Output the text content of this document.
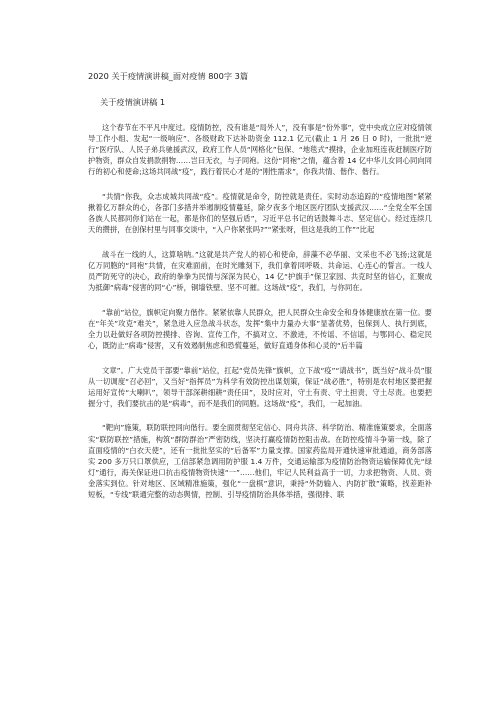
2020 关于疫情演讲稿_面对疫情 800字 3篇
关于疫情演讲稿 1

这个春节在不平凡中度过。疫情防控，没有谁是“局外人”，没有事是“份外事”，党中央成立应对疫情领导工作小组、发起“一级响应”、各级财政下达补助资金 112.1 亿元(截止 1 月 26 日 0 时)，一批批“逆行”医疗队、人民子弟兵驰援武汉，政府工作人员“网格化”包保、“地毯式”摸排，企业加班连夜赶制医疗防护物资，群众自发捐款捐物……岂曰无衣，与子同袍。这份“同袍”之情，蕴含着 14 亿中华儿女同心同向同行的初心和使命;这场共同战“疫”，践行着民心才是的“刚性需求”，你我共情、偕作、偕行。

“共情”你我，众志成城共同战“疫”。疫情就是命令，防控就是责任。实时动态追踪的“疫情地图”紧紧揪着亿万群众的心，各部门多措并举遏制疫情蔓延，除夕夜多个地区医疗团队支援武汉……“全党全军全国各族人民都同你们站在一起，都是你们的坚强后盾”，习近平总书记的话鼓舞斗志、坚定信心。经过连续几天的攒拼，在创保村里与同事交谈中，“入户你紧张吗?”“紧张呀，但这是我的工作”“比起

战斗在一线的人，这算啥呐。”这就是共产党人的初心和使命，辞藻不必华丽、文采也不必飞扬;这就是亿万同胞的“同袍”共情，在灾难面前，在时光雕刻下，我们拿着同呼吸、共命运、心连心的誓言。一线人员严防死守的决心，政府的拳拳为民情与深深为民心，14 亿“护旗手”保卫家园、共克时坚的信心，汇聚成为抵御“病毒”侵害的同“心”桥，铜墙铁壁、坚不可摧。这场战“疫”，我们，与你同在。

“靠前”站位，旗帜定向聚力偕作。紧紧依靠人民群众，把人民群众生命安全和身体健康放在第一位。要在“年关”攻克“难关”，紧急进入应急战斗状态，发挥“集中力量办大事”显著优势，包保到人、执行到底，全力以赴做好各项防控摸排、咨询、宣传工作，不搞对立、不激进，不传谣、不信谣，与鄂同心、稳定民心，既防止“病毒”侵害，又有效遏制焦虑和恐慌蔓延，做好直通身体和心灵的“后半篇

文章”。广大党员干部要“靠前”站位，扛起“党员先锋”旗帜，立下战“疫”“请战书”，既当好“战斗员”服从一切调度“召必回”，又当好“指挥员”为科学有效防控出谋划策，保证“战必胜”，特别是农村地区要把握运用好宣传“大喇叭”，领导干部深耕细耕“责任田”，及时应对，守土有责、守土担责、守土尽责。也要把握分寸，我们要抗击的是“病毒”，而不是我们的同胞。这场战“疫”，我们，一起加油。

“靶向”施策，联防联控同向偕行。要全面贯彻坚定信心、同舟共济、科学防治、精准施策要求，全面落实“联防联控”措施，构筑“群防群治”严密防线，坚决打赢疫情防控阻击战。在防控疫情斗争第一线，除了直面疫情的“白衣天使”，还有一批批坚实的“后备军”力量支撑。国家药监局开通快速审批通道，商务部落实 200 多万只口罩供应，工信部紧急调用防护服 1.4 万件，交通运输部为疫情防治物资运输保障优先“绿灯”通行，海关保证进口抗击疫情物资快速“一”……他们，牢记人民利益高于一切，力求把物资、人员、资金落实到位。针对地区、区域精准施策，强化“一盘棋”意识，秉持“外防输入、内防扩散”策略，找差距补短板，“专线”联通完整的动态舆情，控制、引导疫情防治具体举措，强彻排、联
